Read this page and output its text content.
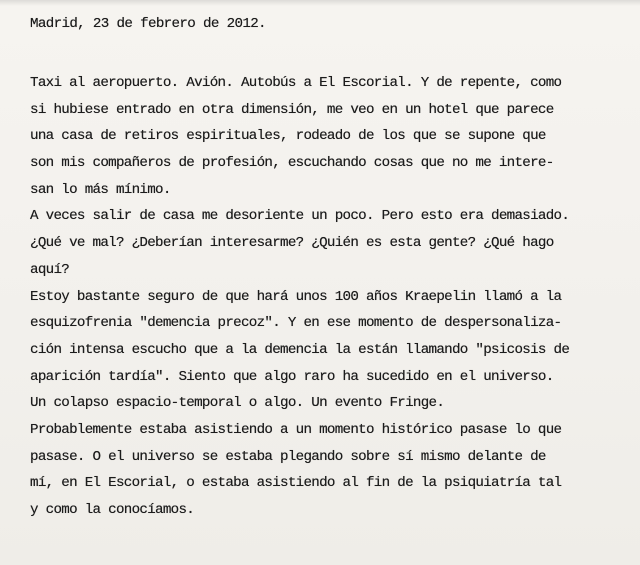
Madrid, 23 de febrero de 2012.
Taxi al aeropuerto. Avión. Autobús a El Escorial. Y de repente, como
si hubiese entrado en otra dimensión, me veo en un hotel que parece
una casa de retiros espirituales, rodeado de los que se supone que
son mis compañeros de profesión, escuchando cosas que no me intere-
san lo más mínimo.
A veces salir de casa me desoriente un poco. Pero esto era demasiado.
¿Qué ve mal? ¿Deberían interesarme? ¿Quién es esta gente? ¿Qué hago
aquí?
Estoy bastante seguro de que hará unos 100 años Kraepelin llamó a la
esquizofrenia "demencia precoz". Y en ese momento de despersonaliza-
ción intensa escucho que a la demencia la están llamando "psicosis de
aparición tardía". Siento que algo raro ha sucedido en el universo.
Un colapso espacio-temporal o algo. Un evento Fringe.
Probablemente estaba asistiendo a un momento histórico pasase lo que
pasase. O el universo se estaba plegando sobre sí mismo delante de
mí, en El Escorial, o estaba asistiendo al fin de la psiquiatría tal
y como la conocíamos.
